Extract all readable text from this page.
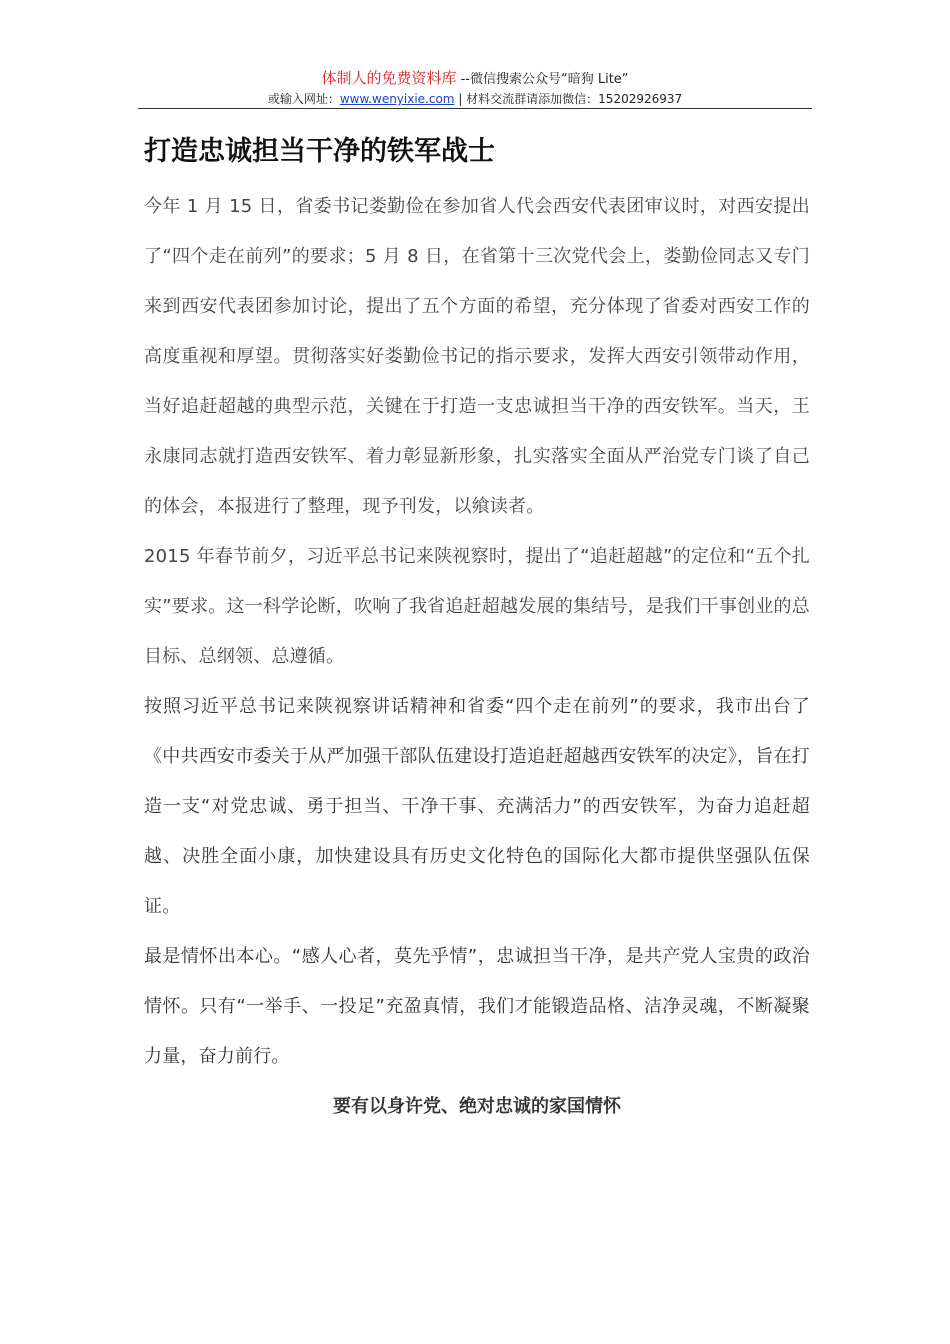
体制人的免费资料库 --微信搜索公众号“暗狗 Lite”
或输入网址：www.wenyixie.com | 材料交流群请添加微信：15202926937
打造忠诚担当干净的铁军战士

今年 1 月 15 日，省委书记娄勤俭在参加省人代会西安代表团审议时，对西安提出了“四个走在前列”的要求；5 月 8 日，在省第十三次党代会上，娄勤俭同志又专门来到西安代表团参加讨论，提出了五个方面的希望，充分体现了省委对西安工作的高度重视和厚望。贯彻落实好娄勤俭书记的指示要求，发挥大西安引领带动作用，当好追赶超越的典型示范，关键在于打造一支忠诚担当干净的西安铁军。当天，王永康同志就打造西安铁军、着力彰显新形象，扎实落实全面从严治党专门谈了自己的体会，本报进行了整理，现予刊发，以飨读者。

2015 年春节前夕，习近平总书记来陕视察时，提出了“追赶超越”的定位和“五个扎实”要求。这一科学论断，吹响了我省追赶超越发展的集结号，是我们干事创业的总目标、总纲领、总遵循。

按照习近平总书记来陕视察讲话精神和省委“四个走在前列”的要求，我市出台了《中共西安市委关于从严加强干部队伍建设打造追赶超越西安铁军的决定》，旨在打造一支“对党忠诚、勇于担当、干净干事、充满活力”的西安铁军，为奋力追赶超越、决胜全面小康，加快建设具有历史文化特色的国际化大都市提供坚强队伍保证。

最是情怀出本心。“感人心者，莫先乎情”，忠诚担当干净，是共产党人宝贵的政治情怀。只有“一举手、一投足”充盈真情，我们才能锻造品格、洁净灵魂，不断凝聚力量，奋力前行。

要有以身许党、绝对忠诚的家国情怀
